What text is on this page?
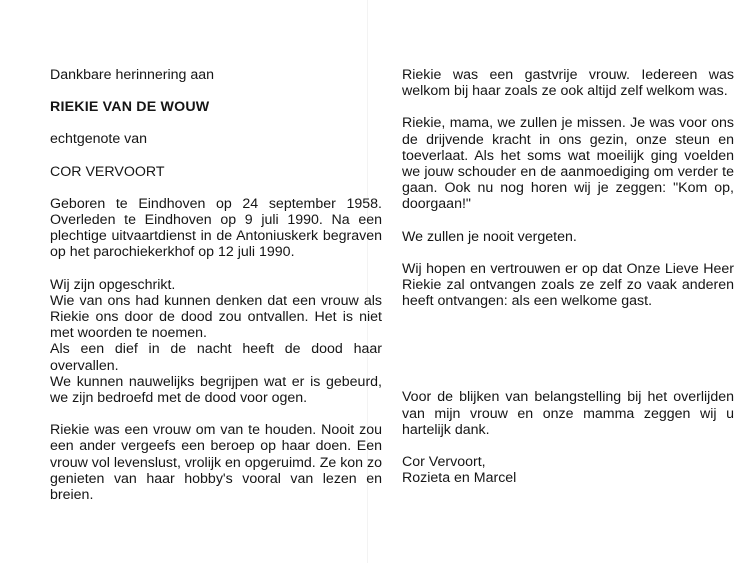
Dankbare herinnering aan

RIEKIE VAN DE WOUW

echtgenote van

COR VERVOORT

Geboren te Eindhoven op 24 september 1958. Overleden te Eindhoven op 9 juli 1990. Na een plechtige uitvaartdienst in de Antoniuskerk begraven op het parochiekerkhof op 12 juli 1990.

Wij zijn opgeschrikt.
Wie van ons had kunnen denken dat een vrouw als Riekie ons door de dood zou ontvallen. Het is niet met woorden te noemen.
Als een dief in de nacht heeft de dood haar overvallen.
We kunnen nauwelijks begrijpen wat er is gebeurd, we zijn bedroefd met de dood voor ogen.

Riekie was een vrouw om van te houden. Nooit zou een ander vergeefs een beroep op haar doen. Een vrouw vol levenslust, vrolijk en opgeruimd. Ze kon zo genieten van haar hobby's vooral van lezen en breien.

Riekie was een gastvrije vrouw. Iedereen was welkom bij haar zoals ze ook altijd zelf welkom was.

Riekie, mama, we zullen je missen. Je was voor ons de drijvende kracht in ons gezin, onze steun en toeverlaat. Als het soms wat moeilijk ging voelden we jouw schouder en de aanmoediging om verder te gaan. Ook nu nog horen wij je zeggen: "Kom op, doorgaan!"

We zullen je nooit vergeten.

Wij hopen en vertrouwen er op dat Onze Lieve Heer Riekie zal ontvangen zoals ze zelf zo vaak anderen heeft ontvangen: als een welkome gast.

Voor de blijken van belangstelling bij het overlijden van mijn vrouw en onze mamma zeggen wij u hartelijk dank.

Cor Vervoort,
Rozieta en Marcel
